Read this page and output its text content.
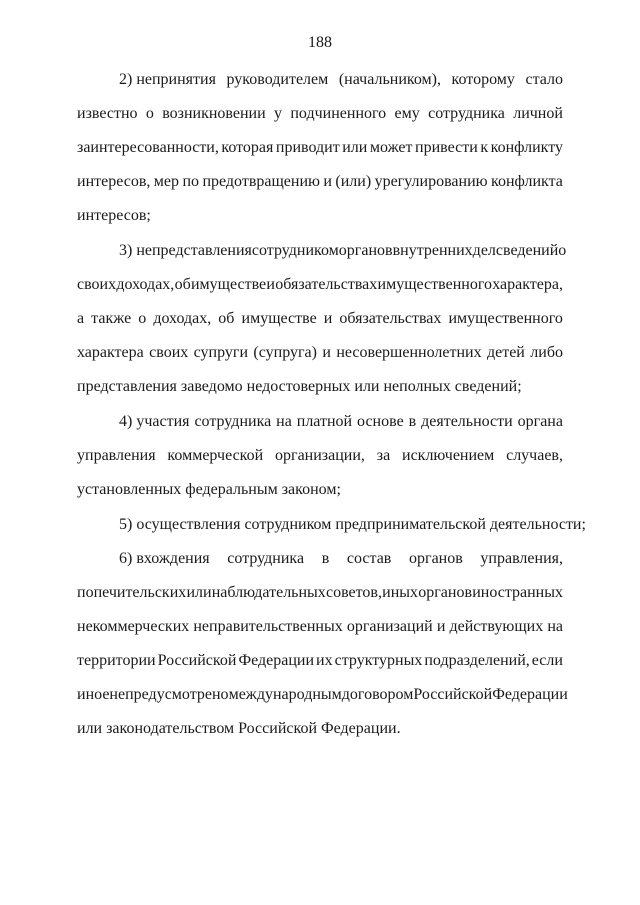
188
2) непринятия руководителем (начальником), которому стало
известно о возникновении у подчиненного ему сотрудника личной
заинтересованности, которая приводит или может привести к конфликту
интересов, мер по предотвращению и (или) урегулированию конфликта
интересов;
3) непредставления сотрудником органов внутренних дел сведений о
своих доходах, об имуществе и обязательствах имущественного характера,
а также о доходах, об имуществе и обязательствах имущественного
характера своих супруги (супруга) и несовершеннолетних детей либо
представления заведомо недостоверных или неполных сведений;
4) участия сотрудника на платной основе в деятельности органа
управления коммерческой организации, за исключением случаев,
установленных федеральным законом;
5) осуществления сотрудником предпринимательской деятельности;
6) вхождения сотрудника в состав органов управления,
попечительских или наблюдательных советов, иных органов иностранных
некоммерческих неправительственных организаций и действующих на
территории Российской Федерации их структурных подразделений, если
иное не предусмотрено международным договором Российской Федерации
или законодательством Российской Федерации.
